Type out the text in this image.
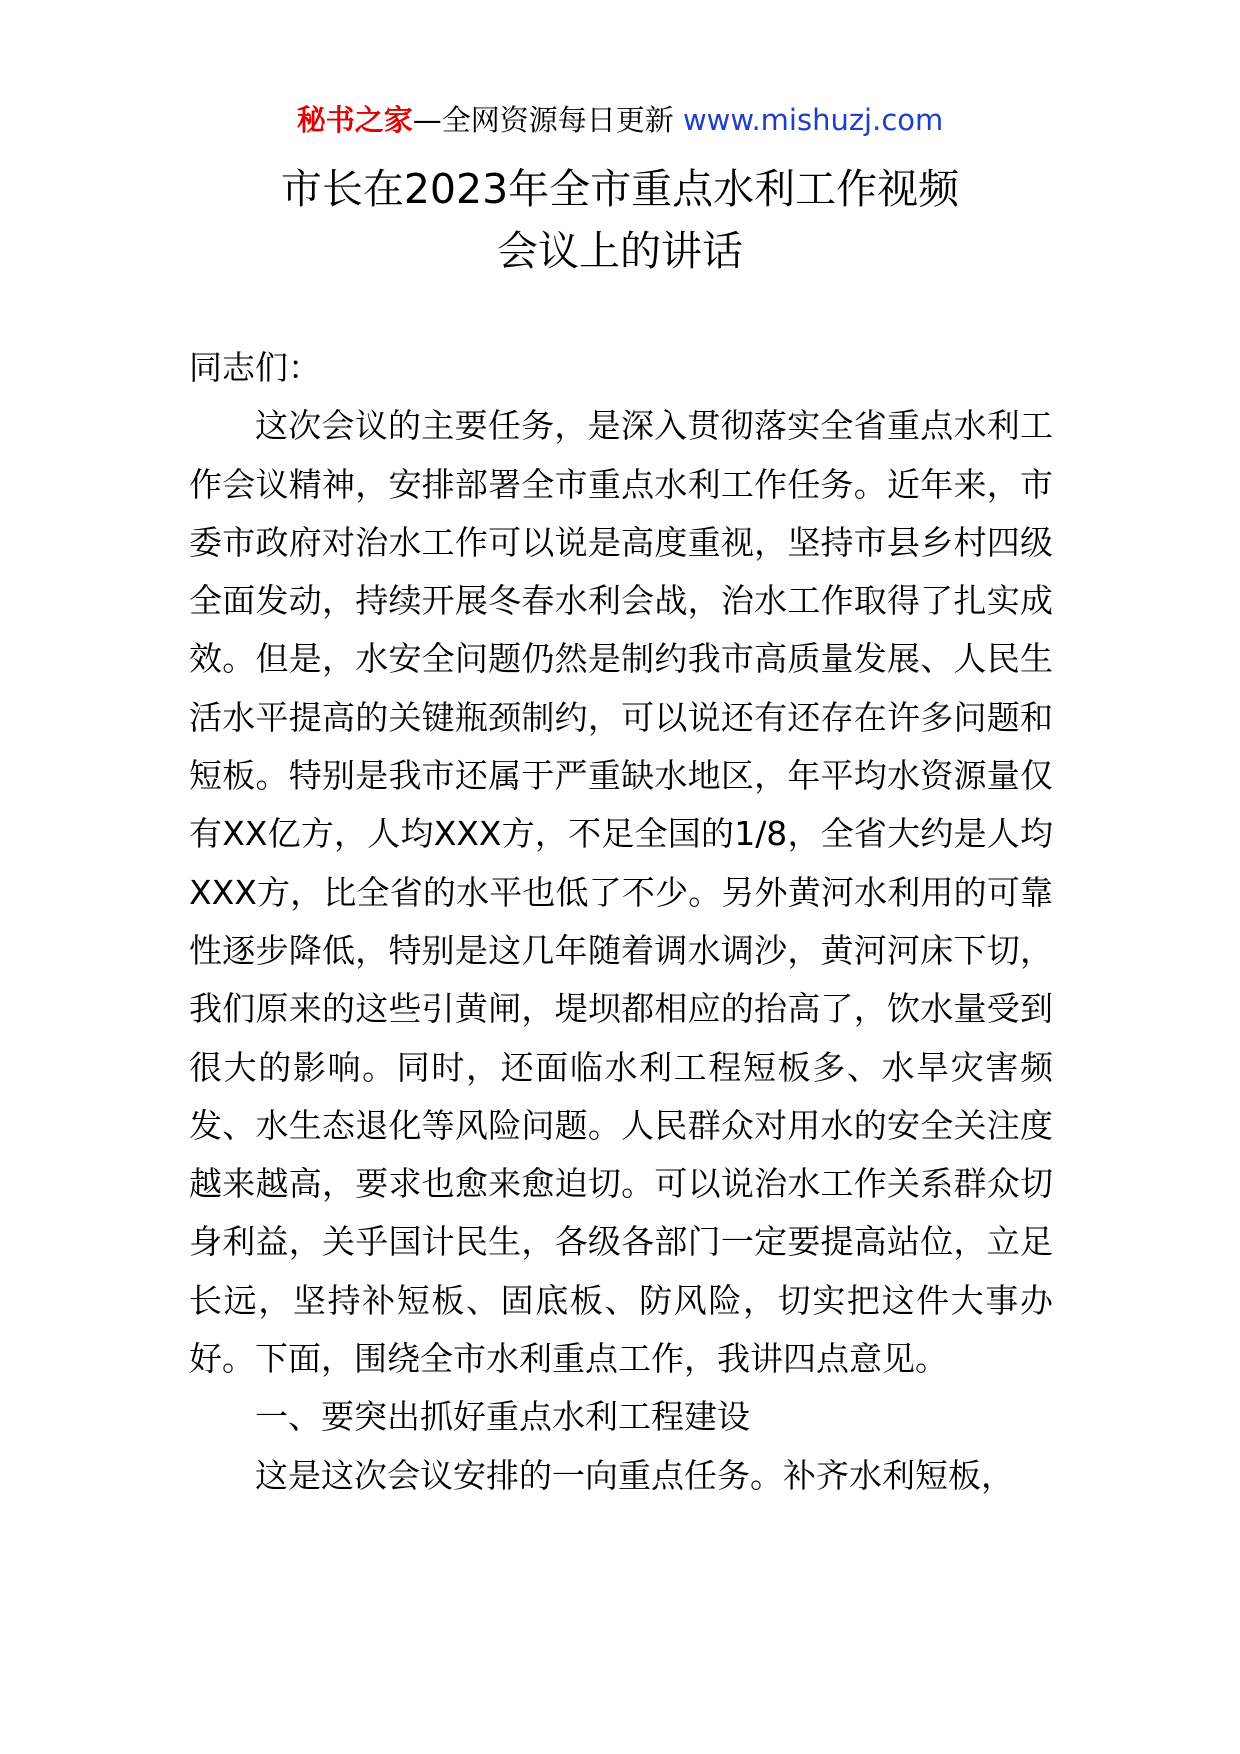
秘书之家—全网资源每日更新 www.mishuzj.com
市长在2023年全市重点水利工作视频
会议上的讲话

同志们：

这次会议的主要任务，是深入贯彻落实全省重点水利工作会议精神，安排部署全市重点水利工作任务。近年来，市委市政府对治水工作可以说是高度重视，坚持市县乡村四级全面发动，持续开展冬春水利会战，治水工作取得了扎实成效。但是，水安全问题仍然是制约我市高质量发展、人民生活水平提高的关键瓶颈制约，可以说还有还存在许多问题和短板。特别是我市还属于严重缺水地区，年平均水资源量仅有XX亿方，人均XXX方，不足全国的1/8，全省大约是人均XXX方，比全省的水平也低了不少。另外黄河水利用的可靠性逐步降低，特别是这几年随着调水调沙，黄河河床下切，我们原来的这些引黄闸，堤坝都相应的抬高了，饮水量受到很大的影响。同时，还面临水利工程短板多、水旱灾害频发、水生态退化等风险问题。人民群众对用水的安全关注度越来越高，要求也愈来愈迫切。可以说治水工作关系群众切身利益，关乎国计民生，各级各部门一定要提高站位，立足长远，坚持补短板、固底板、防风险，切实把这件大事办好。下面，围绕全市水利重点工作，我讲四点意见。

一、要突出抓好重点水利工程建设

这是这次会议安排的一向重点任务。补齐水利短板，
